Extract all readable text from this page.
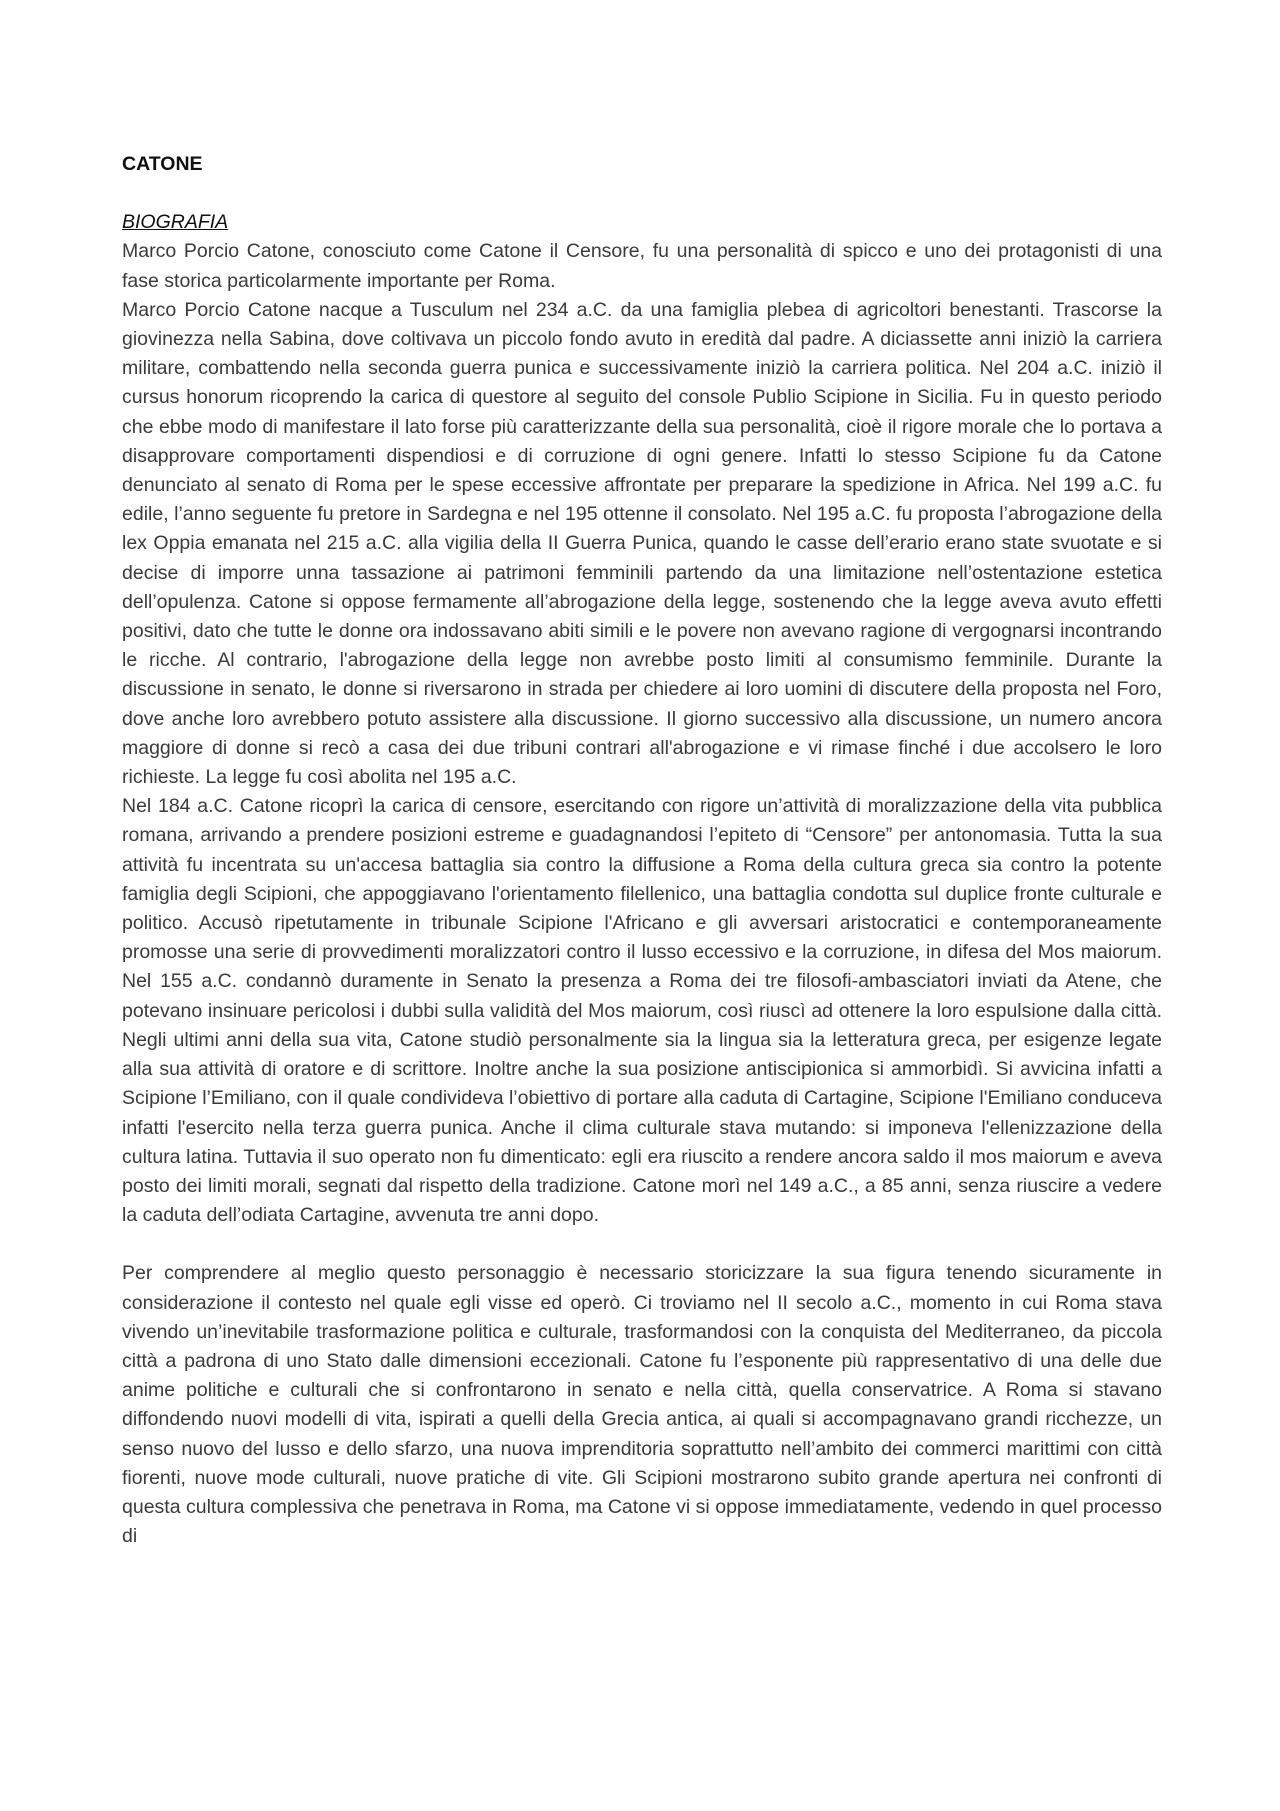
CATONE
BIOGRAFIA

Marco Porcio Catone, conosciuto come Catone il Censore, fu una personalità di spicco e uno dei protagonisti di una fase storica particolarmente importante per Roma.

Marco Porcio Catone nacque a Tusculum nel 234 a.C. da una famiglia plebea di agricoltori benestanti. Trascorse la giovinezza nella Sabina, dove coltivava un piccolo fondo avuto in eredità dal padre. A diciassette anni iniziò la carriera militare, combattendo nella seconda guerra punica e successivamente iniziò la carriera politica. Nel 204 a.C. iniziò il cursus honorum ricoprendo la carica di questore al seguito del console Publio Scipione in Sicilia. Fu in questo periodo che ebbe modo di manifestare il lato forse più caratterizzante della sua personalità, cioè il rigore morale che lo portava a disapprovare comportamenti dispendiosi e di corruzione di ogni genere. Infatti lo stesso Scipione fu da Catone denunciato al senato di Roma per le spese eccessive affrontate per preparare la spedizione in Africa. Nel 199 a.C. fu edile, l’anno seguente fu pretore in Sardegna e nel 195 ottenne il consolato. Nel 195 a.C. fu proposta l’abrogazione della lex Oppia emanata nel 215 a.C. alla vigilia della II Guerra Punica, quando le casse dell’erario erano state svuotate e si decise di imporre unna tassazione ai patrimoni femminili partendo da una limitazione nell’ostentazione estetica dell’opulenza. Catone si oppose fermamente all’abrogazione della legge, sostenendo che la legge aveva avuto effetti positivi, dato che tutte le donne ora indossavano abiti simili e le povere non avevano ragione di vergognarsi incontrando le ricche. Al contrario, l'abrogazione della legge non avrebbe posto limiti al consumismo femminile. Durante la discussione in senato, le donne si riversarono in strada per chiedere ai loro uomini di discutere della proposta nel Foro, dove anche loro avrebbero potuto assistere alla discussione. Il giorno successivo alla discussione, un numero ancora maggiore di donne si recò a casa dei due tribuni contrari all'abrogazione e vi rimase finché i due accolsero le loro richieste. La legge fu così abolita nel 195 a.C.

Nel 184 a.C. Catone ricoprì la carica di censore, esercitando con rigore un’attività di moralizzazione della vita pubblica romana, arrivando a prendere posizioni estreme e guadagnandosi l’epiteto di “Censore” per antonomasia. Tutta la sua attività fu incentrata su un'accesa battaglia sia contro la diffusione a Roma della cultura greca sia contro la potente famiglia degli Scipioni, che appoggiavano l'orientamento filellenico, una battaglia condotta sul duplice fronte culturale e politico. Accusò ripetutamente in tribunale Scipione l'Africano e gli avversari aristocratici e contemporaneamente promosse una serie di provvedimenti moralizzatori contro il lusso eccessivo e la corruzione, in difesa del Mos maiorum. Nel 155 a.C. condannò duramente in Senato la presenza a Roma dei tre filosofi-ambasciatori inviati da Atene, che potevano insinuare pericolosi i dubbi sulla validità del Mos maiorum, così riuscì ad ottenere la loro espulsione dalla città. Negli ultimi anni della sua vita, Catone studiò personalmente sia la lingua sia la letteratura greca, per esigenze legate alla sua attività di oratore e di scrittore. Inoltre anche la sua posizione antiscipionica si ammorbidì. Si avvicina infatti a Scipione l’Emiliano, con il quale condivideva l’obiettivo di portare alla caduta di Cartagine, Scipione l'Emiliano conduceva infatti l'esercito nella terza guerra punica. Anche il clima culturale stava mutando: si imponeva l'ellenizzazione della cultura latina. Tuttavia il suo operato non fu dimenticato: egli era riuscito a rendere ancora saldo il mos maiorum e aveva posto dei limiti morali, segnati dal rispetto della tradizione. Catone morì nel 149 a.C., a 85 anni, senza riuscire a vedere la caduta dell’odiata Cartagine, avvenuta tre anni dopo.

Per comprendere al meglio questo personaggio è necessario storicizzare la sua figura tenendo sicuramente in considerazione il contesto nel quale egli visse ed operò. Ci troviamo nel II secolo a.C., momento in cui Roma stava vivendo un’inevitabile trasformazione politica e culturale, trasformandosi con la conquista del Mediterraneo, da piccola città a padrona di uno Stato dalle dimensioni eccezionali. Catone fu l’esponente più rappresentativo di una delle due anime politiche e culturali che si confrontarono in senato e nella città, quella conservatrice. A Roma si stavano diffondendo nuovi modelli di vita, ispirati a quelli della Grecia antica, ai quali si accompagnavano grandi ricchezze, un senso nuovo del lusso e dello sfarzo, una nuova imprenditoria soprattutto nell’ambito dei commerci marittimi con città fiorenti, nuove mode culturali, nuove pratiche di vite. Gli Scipioni mostrarono subito grande apertura nei confronti di questa cultura complessiva che penetrava in Roma, ma Catone vi si oppose immediatamente, vedendo in quel processo di
